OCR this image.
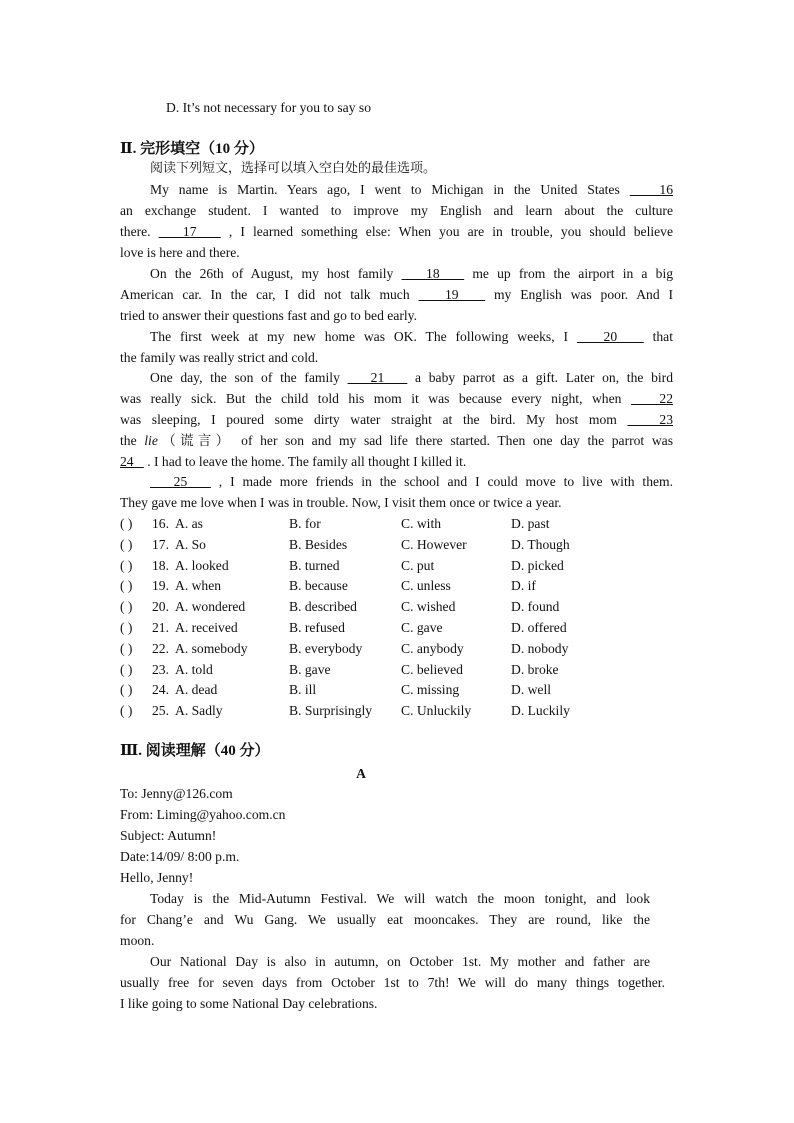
D. It’s not necessary for you to say so
Ⅱ. 完形填空（10 分）
阅读下列短文，选择可以填入空白处的最佳选项。
My name is Martin. Years ago, I went to Michigan in the United States    16
an exchange student. I wanted to improve my English and learn about the culture
there.    17    , I learned something else: When you are in trouble, you should believe
love is here and there.
On the 26th of August, my host family    18    me up from the airport in a big
American car. In the car, I did not talk much    19    my English was poor. And I
tried to answer their questions fast and go to bed early.
The first week at my new home was OK. The following weeks, I    20    that
the family was really strict and cold.
One day, the son of the family    21    a baby parrot as a gift. Later on, the bird
was really sick. But the child told his mom it was because every night, when    22
was sleeping, I poured some dirty water straight at the bird. My host mom    23
the lie（谎言） of her son and my sad life there started. Then one day the parrot was
24    . I had to leave the home. The family all thought I killed it.
25    , I made more friends in the school and I could move to live with them.
They gave me love when I was in trouble. Now, I visit them once or twice a year.
( ) 16. A. as	B. for	C. with	D. past
( ) 17. A. So	B. Besides	C. However	D. Though
( ) 18. A. looked	B. turned	C. put	D. picked
( ) 19. A. when	B. because	C. unless	D. if
( ) 20. A. wondered	B. described	C. wished	D. found
( ) 21. A. received	B. refused	C. gave	D. offered
( ) 22. A. somebody	B. everybody	C. anybody	D. nobody
( ) 23. A. told	B. gave	C. believed	D. broke
( ) 24. A. dead	B. ill	C. missing	D. well
( ) 25. A. Sadly	B. Surprisingly C. Unluckily	D. Luckily
Ⅲ. 阅读理解（40 分）
A
To: Jenny@126.com
From: Liming@yahoo.com.cn
Subject: Autumn!
Date:14/09/ 8:00 p.m.
Hello, Jenny!
Today is the Mid-Autumn Festival. We will watch the moon tonight, and look
for Chang’e and Wu Gang. We usually eat mooncakes. They are round, like the
moon.
Our National Day is also in autumn, on October 1st. My mother and father are
usually free for seven days from October 1st to 7th! We will do many things together.
I like going to some National Day celebrations.
